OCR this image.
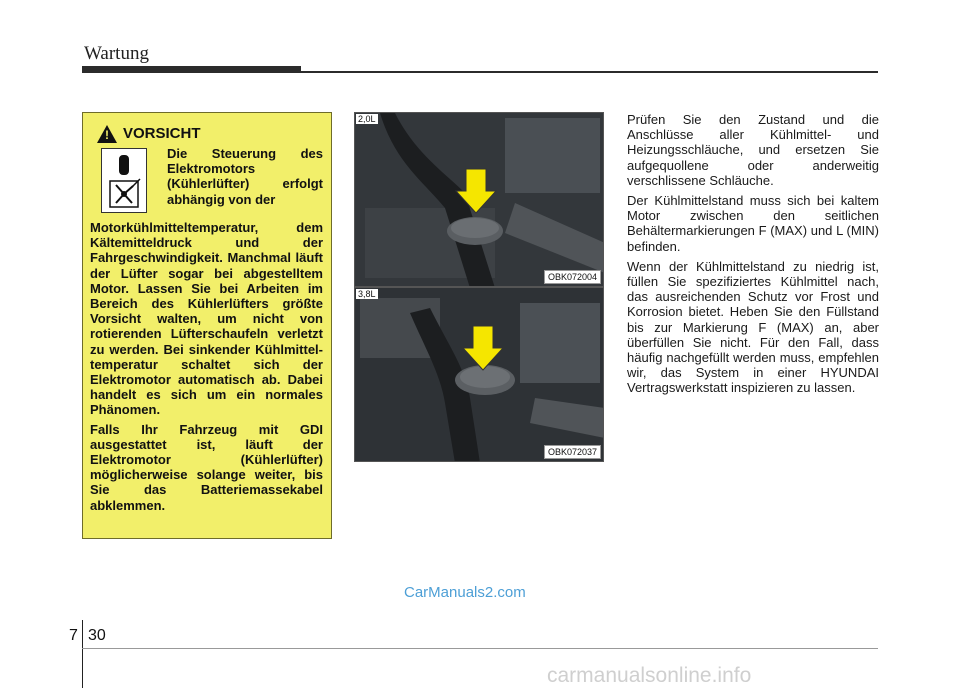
Wartung
!
VORSICHT
Die Steuerung des Elektromotors (Kühlerlüfter) erfolgt abhängig von der

Motorkühlmitteltemperatur, dem Kältemitteldruck und der Fahrgeschwindigkeit. Manchmal läuft der Lüfter sogar bei abgestelltem Motor. Lassen Sie bei Arbeiten im Bereich des Kühlerlüfters größte Vorsicht walten, um nicht von rotierenden Lüfterschaufeln verletzt zu werden. Bei sinkender Kühlmittel-temperatur schaltet sich der Elektromotor automatisch ab. Dabei handelt es sich um ein normales Phänomen.

Falls Ihr Fahrzeug mit GDI ausgestattet ist, läuft der Elektromotor (Kühlerlüfter) möglicherweise solange weiter, bis Sie das Batteriemassekabel abklemmen.

2,0L
OBK072004
3,8L
OBK072037

Prüfen Sie den Zustand und die Anschlüsse aller Kühlmittel- und Heizungsschläuche, und ersetzen Sie aufgequollene oder anderweitig verschlissene Schläuche.

Der Kühlmittelstand muss sich bei kaltem Motor zwischen den seitlichen Behältermarkierungen F (MAX) und L (MIN) befinden.

Wenn der Kühlmittelstand zu niedrig ist, füllen Sie spezifiziertes Kühlmittel nach, das ausreichenden Schutz vor Frost und Korrosion bietet. Heben Sie den Füllstand bis zur Markierung F (MAX) an, aber überfüllen Sie nicht. Für den Fall, dass häufig nachgefüllt werden muss, empfehlen wir, das System in einer HYUNDAI Vertragswerkstatt inspizieren zu lassen.

CarManuals2.com
7 30
carmanualsonline.info
